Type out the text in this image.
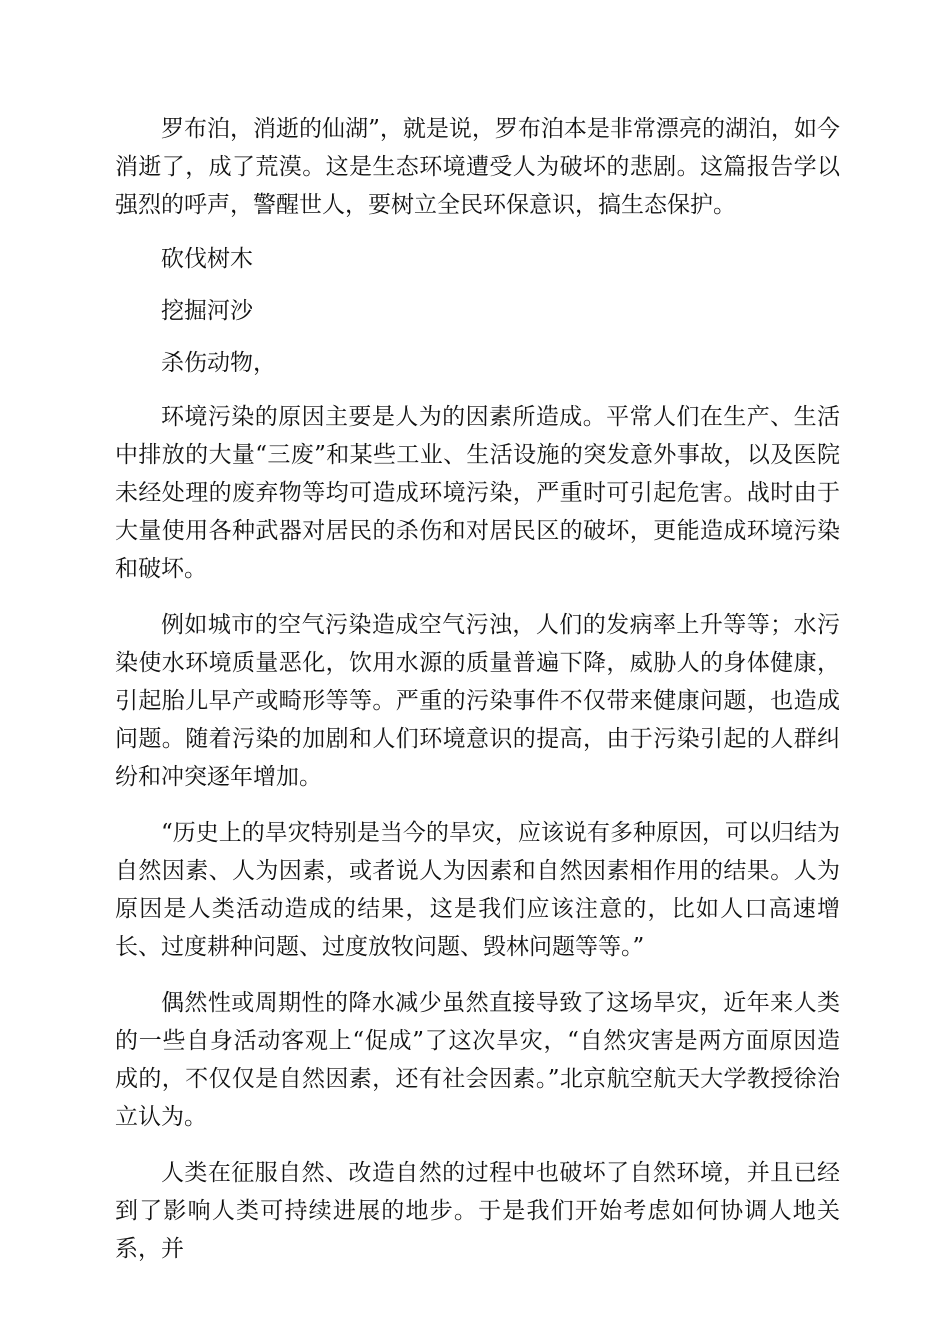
罗布泊，消逝的仙湖”，就是说，罗布泊本是非常漂亮的湖泊，如今消逝了，成了荒漠。这是生态环境遭受人为破坏的悲剧。这篇报告学以强烈的呼声，警醒世人，要树立全民环保意识，搞生态保护。

砍伐树木

挖掘河沙

杀伤动物，

环境污染的原因主要是人为的因素所造成。平常人们在生产、生活中排放的大量“三废”和某些工业、生活设施的突发意外事故，以及医院未经处理的废弃物等均可造成环境污染，严重时可引起危害。战时由于大量使用各种武器对居民的杀伤和对居民区的破坏，更能造成环境污染和破坏。

例如城市的空气污染造成空气污浊，人们的发病率上升等等；水污染使水环境质量恶化，饮用水源的质量普遍下降，威胁人的身体健康，引起胎儿早产或畸形等等。严重的污染事件不仅带来健康问题，也造成问题。随着污染的加剧和人们环境意识的提高，由于污染引起的人群纠纷和冲突逐年增加。

“历史上的旱灾特别是当今的旱灾，应该说有多种原因，可以归结为自然因素、人为因素，或者说人为因素和自然因素相作用的结果。人为原因是人类活动造成的结果，这是我们应该注意的，比如人口高速增长、过度耕种问题、过度放牧问题、毁林问题等等。”

偶然性或周期性的降水减少虽然直接导致了这场旱灾，近年来人类的一些自身活动客观上“促成”了这次旱灾，“自然灾害是两方面原因造成的，不仅仅是自然因素，还有社会因素。”北京航空航天大学教授徐治立认为。

人类在征服自然、改造自然的过程中也破坏了自然环境，并且已经到了影响人类可持续进展的地步。于是我们开始考虑如何协调人地关系，并
